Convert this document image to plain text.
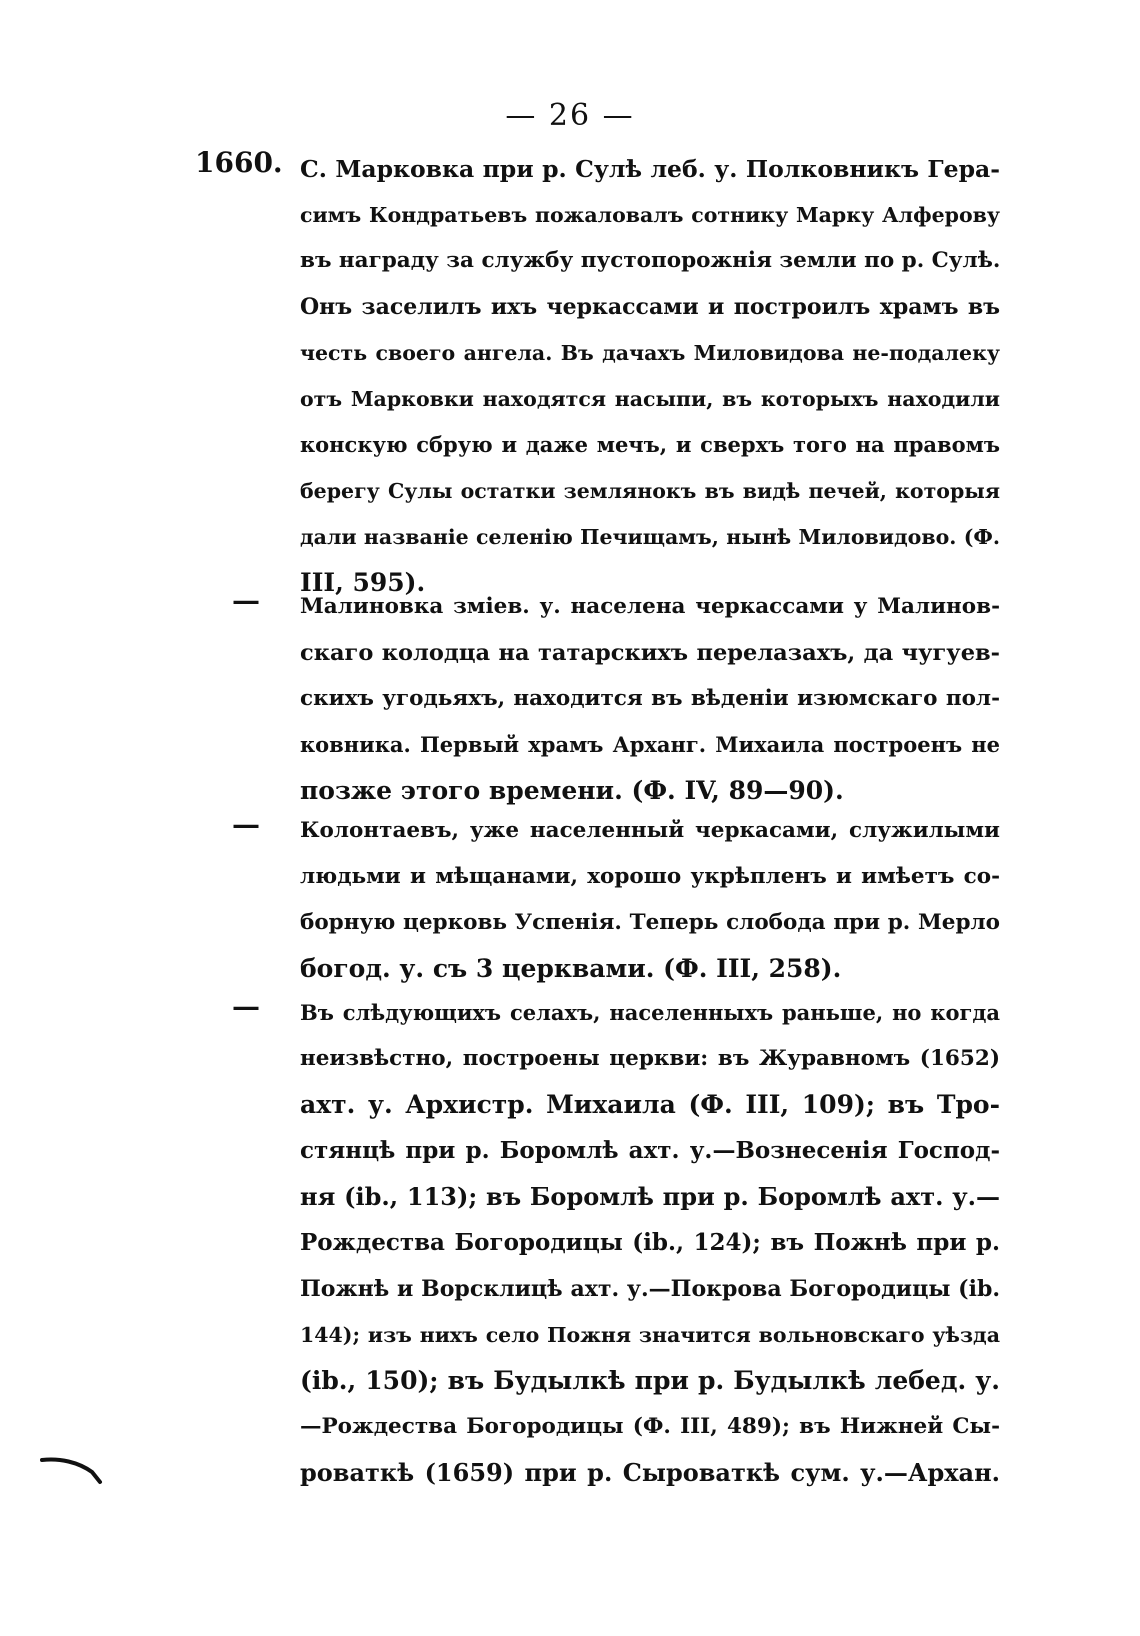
— 26 —
1660. С. Марковка при р. Сулѣ леб. у. Полковникъ Гера-
симъ Кондратьевъ пожаловалъ сотнику Марку Алферову
въ награду за службу пустопорожнія земли по р. Сулѣ.
Онъ заселилъ ихъ черкассами и построилъ храмъ въ
честь своего ангела. Въ дачахъ Миловидова не-подалеку
отъ Марковки находятся насыпи, въ которыхъ находили
конскую сбрую и даже мечъ, и сверхъ того на правомъ
берегу Сулы остатки землянокъ въ видѣ печей, которыя
дали названіе селенію Печищамъ, нынѣ Миловидово. (Ф.
III, 595).
— Малиновка зміев. у. населена черкассами у Малинов-
скаго колодца на татарскихъ перелазахъ, да чугуев-
скихъ угодьяхъ, находится въ вѣденіи изюмскаго пол-
ковника. Первый храмъ Арханг. Михаила построенъ не
позже этого времени. (Ф. IV, 89—90).
— Колонтаевъ, уже населенный черкасами, служилыми
людьми и мѣщанами, хорошо укрѣпленъ и имѣетъ со-
борную церковь Успенія. Теперь слобода при р. Мерло
богод. у. съ 3 церквами. (Ф. III, 258).
— Въ слѣдующихъ селахъ, населенныхъ раньше, но когда
неизвѣстно, построены церкви: въ Журавномъ (1652)
ахт. у. Архистр. Михаила (Ф. III, 109); въ Тро-
стянцѣ при р. Боромлѣ ахт. у.—Вознесенія Господ-
ня (ib., 113); въ Боромлѣ при р. Боромлѣ ахт. у.—
Рождества Богородицы (ib., 124); въ Пожнѣ при р.
Пожнѣ и Ворсклицѣ ахт. у.—Покрова Богородицы (ib.
144); изъ нихъ село Пожня значится вольновскаго уѣзда
(ib., 150); въ Будылкѣ при р. Будылкѣ лебед. у.
—Рождества Богородицы (Ф. III, 489); въ Нижней Сы-
роваткѣ (1659) при р. Сыроваткѣ сум. у.—Архан.
